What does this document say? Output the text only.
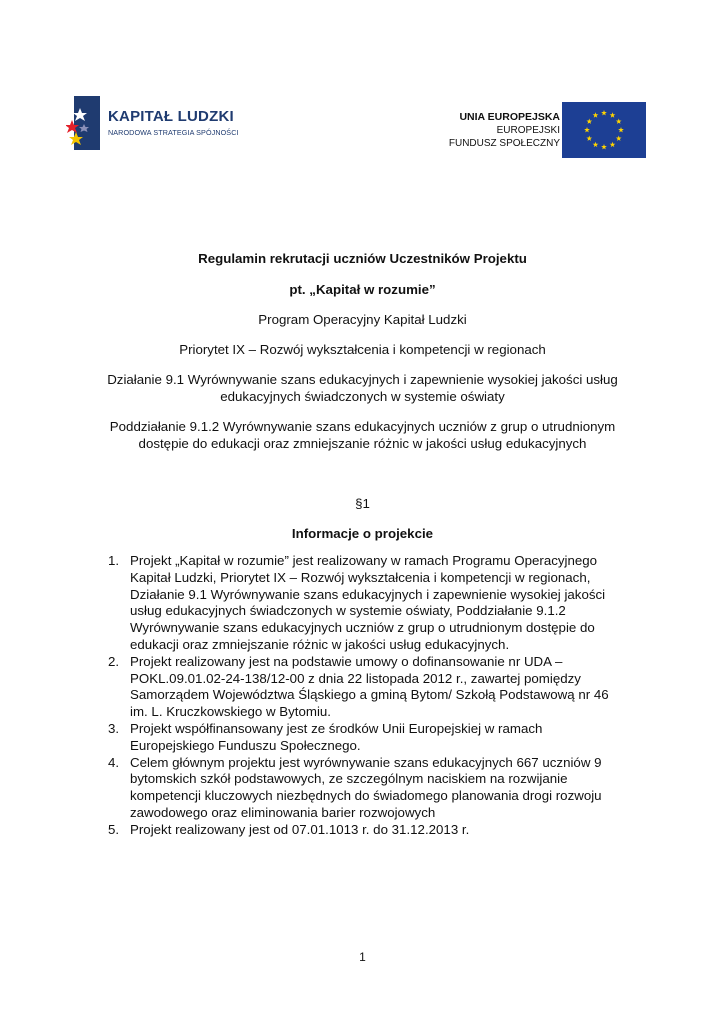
KAPITAŁ LUDZKI
NARODOWA STRATEGIA SPÓJNOŚCI
UNIA EUROPEJSKA
EUROPEJSKI
FUNDUSZ SPOŁECZNY
Regulamin rekrutacji uczniów Uczestników Projektu
pt. „Kapitał w rozumie”
Program Operacyjny Kapitał Ludzki
Priorytet IX – Rozwój wykształcenia i kompetencji w regionach
Działanie 9.1 Wyrównywanie szans edukacyjnych i zapewnienie wysokiej jakości usług edukacyjnych świadczonych w systemie oświaty
Poddziałanie 9.1.2 Wyrównywanie szans edukacyjnych uczniów z grup o utrudnionym dostępie do edukacji oraz zmniejszanie różnic w jakości usług edukacyjnych
§1
Informacje o projekcie
1. Projekt „Kapitał w rozumie” jest realizowany w ramach Programu Operacyjnego Kapitał Ludzki, Priorytet IX – Rozwój wykształcenia i kompetencji w regionach, Działanie 9.1 Wyrównywanie szans edukacyjnych i zapewnienie wysokiej jakości usług edukacyjnych świadczonych w systemie oświaty, Poddziałanie 9.1.2 Wyrównywanie szans edukacyjnych uczniów z grup o utrudnionym dostępie do edukacji oraz zmniejszanie różnic w jakości usług edukacyjnych.
2. Projekt realizowany jest na podstawie umowy o dofinansowanie nr UDA – POKL.09.01.02-24-138/12-00 z dnia 22 listopada 2012 r., zawartej pomiędzy Samorządem Województwa Śląskiego a gminą Bytom/ Szkołą Podstawową nr 46 im. L. Kruczkowskiego w Bytomiu.
3. Projekt współfinansowany jest ze środków Unii Europejskiej w ramach Europejskiego Funduszu Społecznego.
4. Celem głównym projektu jest wyrównywanie szans edukacyjnych 667 uczniów 9 bytomskich szkół podstawowych, ze szczególnym naciskiem na rozwijanie kompetencji kluczowych niezbędnych do świadomego planowania drogi rozwoju zawodowego oraz eliminowania barier rozwojowych
5. Projekt realizowany jest od 07.01.1013 r. do 31.12.2013 r.
1
